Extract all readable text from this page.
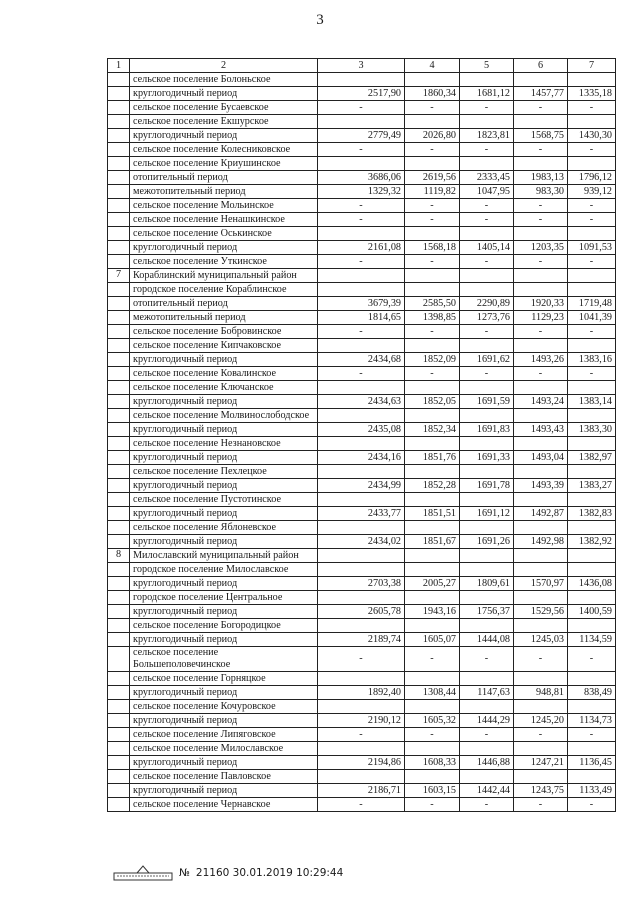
3
1	2	3	4	5	6	7
	сельское поселение Болоньское					
	круглогодичный период	2517,90	1860,34	1681,12	1457,77	1335,18
	сельское поселение Бусаевское	-	-	-	-	-
	сельское поселение Екшурское					
	круглогодичный период	2779,49	2026,80	1823,81	1568,75	1430,30
	сельское поселение Колесниковское	-	-	-	-	-
	сельское поселение Криушинское					
	отопительный период	3686,06	2619,56	2333,45	1983,13	1796,12
	межотопительный период	1329,32	1119,82	1047,95	983,30	939,12
	сельское поселение Мольинское	-	-	-	-	-
	сельское поселение Ненашкинское	-	-	-	-	-
	сельское поселение Оськинское					
	круглогодичный период	2161,08	1568,18	1405,14	1203,35	1091,53
	сельское поселение Уткинское	-	-	-	-	-
7	Кораблинский муниципальный район					
	городское поселение Кораблинское					
	отопительный период	3679,39	2585,50	2290,89	1920,33	1719,48
	межотопительный период	1814,65	1398,85	1273,76	1129,23	1041,39
	сельское поселение Бобровинское	-	-	-	-	-
	сельское поселение Кипчаковское					
	круглогодичный период	2434,68	1852,09	1691,62	1493,26	1383,16
	сельское поселение Ковалинское	-	-	-	-	-
	сельское поселение Ключанское					
	круглогодичный период	2434,63	1852,05	1691,59	1493,24	1383,14
	сельское поселение Молвинослободское					
	круглогодичный период	2435,08	1852,34	1691,83	1493,43	1383,30
	сельское поселение Незнановское					
	круглогодичный период	2434,16	1851,76	1691,33	1493,04	1382,97
	сельское поселение Пехлецкое					
	круглогодичный период	2434,99	1852,28	1691,78	1493,39	1383,27
	сельское поселение Пустотинское					
	круглогодичный период	2433,77	1851,51	1691,12	1492,87	1382,83
	сельское поселение Яблоневское					
	круглогодичный период	2434,02	1851,67	1691,26	1492,98	1382,92
8	Милославский муниципальный район					
	городское поселение Милославское					
	круглогодичный период	2703,38	2005,27	1809,61	1570,97	1436,08
	городское поселение Центральное					
	круглогодичный период	2605,78	1943,16	1756,37	1529,56	1400,59
	сельское поселение Богородицкое					
	круглогодичный период	2189,74	1605,07	1444,08	1245,03	1134,59

	сельское поселение
Большеполовечинское	-	-	-	-	-
	сельское поселение Горняцкое					
	круглогодичный период	1892,40	1308,44	1147,63	948,81	838,49
	сельское поселение Кочуровское					
	круглогодичный период	2190,12	1605,32	1444,29	1245,20	1134,73
	сельское поселение Липяговское	-	-	-	-	-
	сельское поселение Милославское					
	круглогодичный период	2194,86	1608,33	1446,88	1247,21	1136,45
	сельское поселение Павловское					
	круглогодичный период	2186,71	1603,15	1442,44	1243,75	1133,49
	сельское поселение Чернавское	-	-	-	-	-
№ 21160 30.01.2019 10:29:44
